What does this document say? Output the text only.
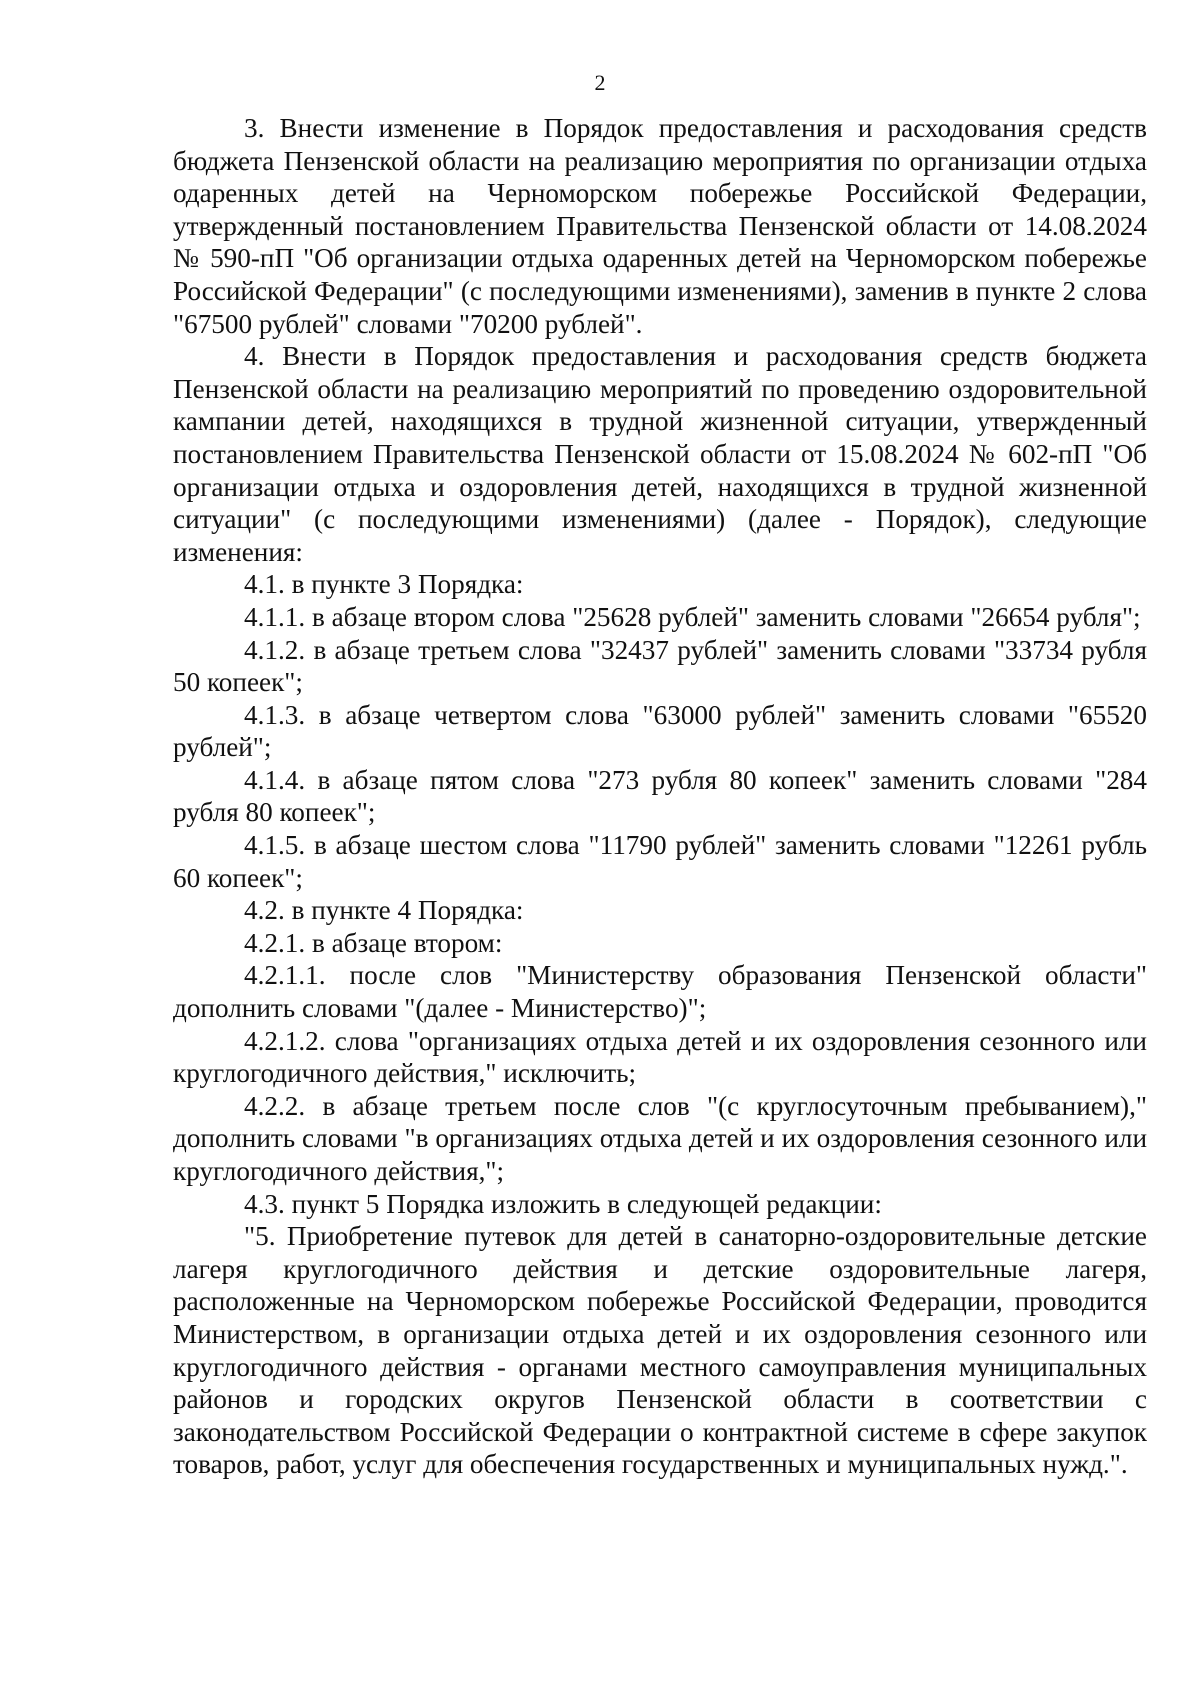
2

3. Внести изменение в Порядок предоставления и расходования средств бюджета Пензенской области на реализацию мероприятия по организации отдыха одаренных детей на Черноморском побережье Российской Федерации, утвержденный постановлением Правительства Пензенской области от 14.08.2024 № 590-пП "Об организации отдыха одаренных детей на Черноморском побережье Российской Федерации" (с последующими изменениями), заменив в пункте 2 слова "67500 рублей" словами "70200 рублей".

4. Внести в Порядок предоставления и расходования средств бюджета Пензенской области на реализацию мероприятий по проведению оздоровительной кампании детей, находящихся в трудной жизненной ситуации, утвержденный постановлением Правительства Пензенской области от 15.08.2024 № 602-пП "Об организации отдыха и оздоровления детей, находящихся в трудной жизненной ситуации" (с последующими изменениями) (далее - Порядок), следующие изменения:

4.1. в пункте 3 Порядка:

4.1.1. в абзаце втором слова "25628 рублей" заменить словами "26654 рубля";

4.1.2. в абзаце третьем слова "32437 рублей" заменить словами "33734 рубля 50 копеек";

4.1.3. в абзаце четвертом слова "63000 рублей" заменить словами "65520 рублей";

4.1.4. в абзаце пятом слова "273 рубля 80 копеек" заменить словами "284 рубля 80 копеек";

4.1.5. в абзаце шестом слова "11790 рублей" заменить словами "12261 рубль 60 копеек";

4.2. в пункте 4 Порядка:

4.2.1. в абзаце втором:

4.2.1.1. после слов "Министерству образования Пензенской области" дополнить словами "(далее - Министерство)";

4.2.1.2. слова "организациях отдыха детей и их оздоровления сезонного или круглогодичного действия," исключить;

4.2.2. в абзаце третьем после слов "(с круглосуточным пребыванием)," дополнить словами "в организациях отдыха детей и их оздоровления сезонного или круглогодичного действия,";

4.3. пункт 5 Порядка изложить в следующей редакции:

"5. Приобретение путевок для детей в санаторно-оздоровительные детские лагеря круглогодичного действия и детские оздоровительные лагеря, расположенные на Черноморском побережье Российской Федерации, проводится Министерством, в организации отдыха детей и их оздоровления сезонного или круглогодичного действия - органами местного самоуправления муниципальных районов и городских округов Пензенской области в соответствии с законодательством Российской Федерации о контрактной системе в сфере закупок товаров, работ, услуг для обеспечения государственных и муниципальных нужд.".
